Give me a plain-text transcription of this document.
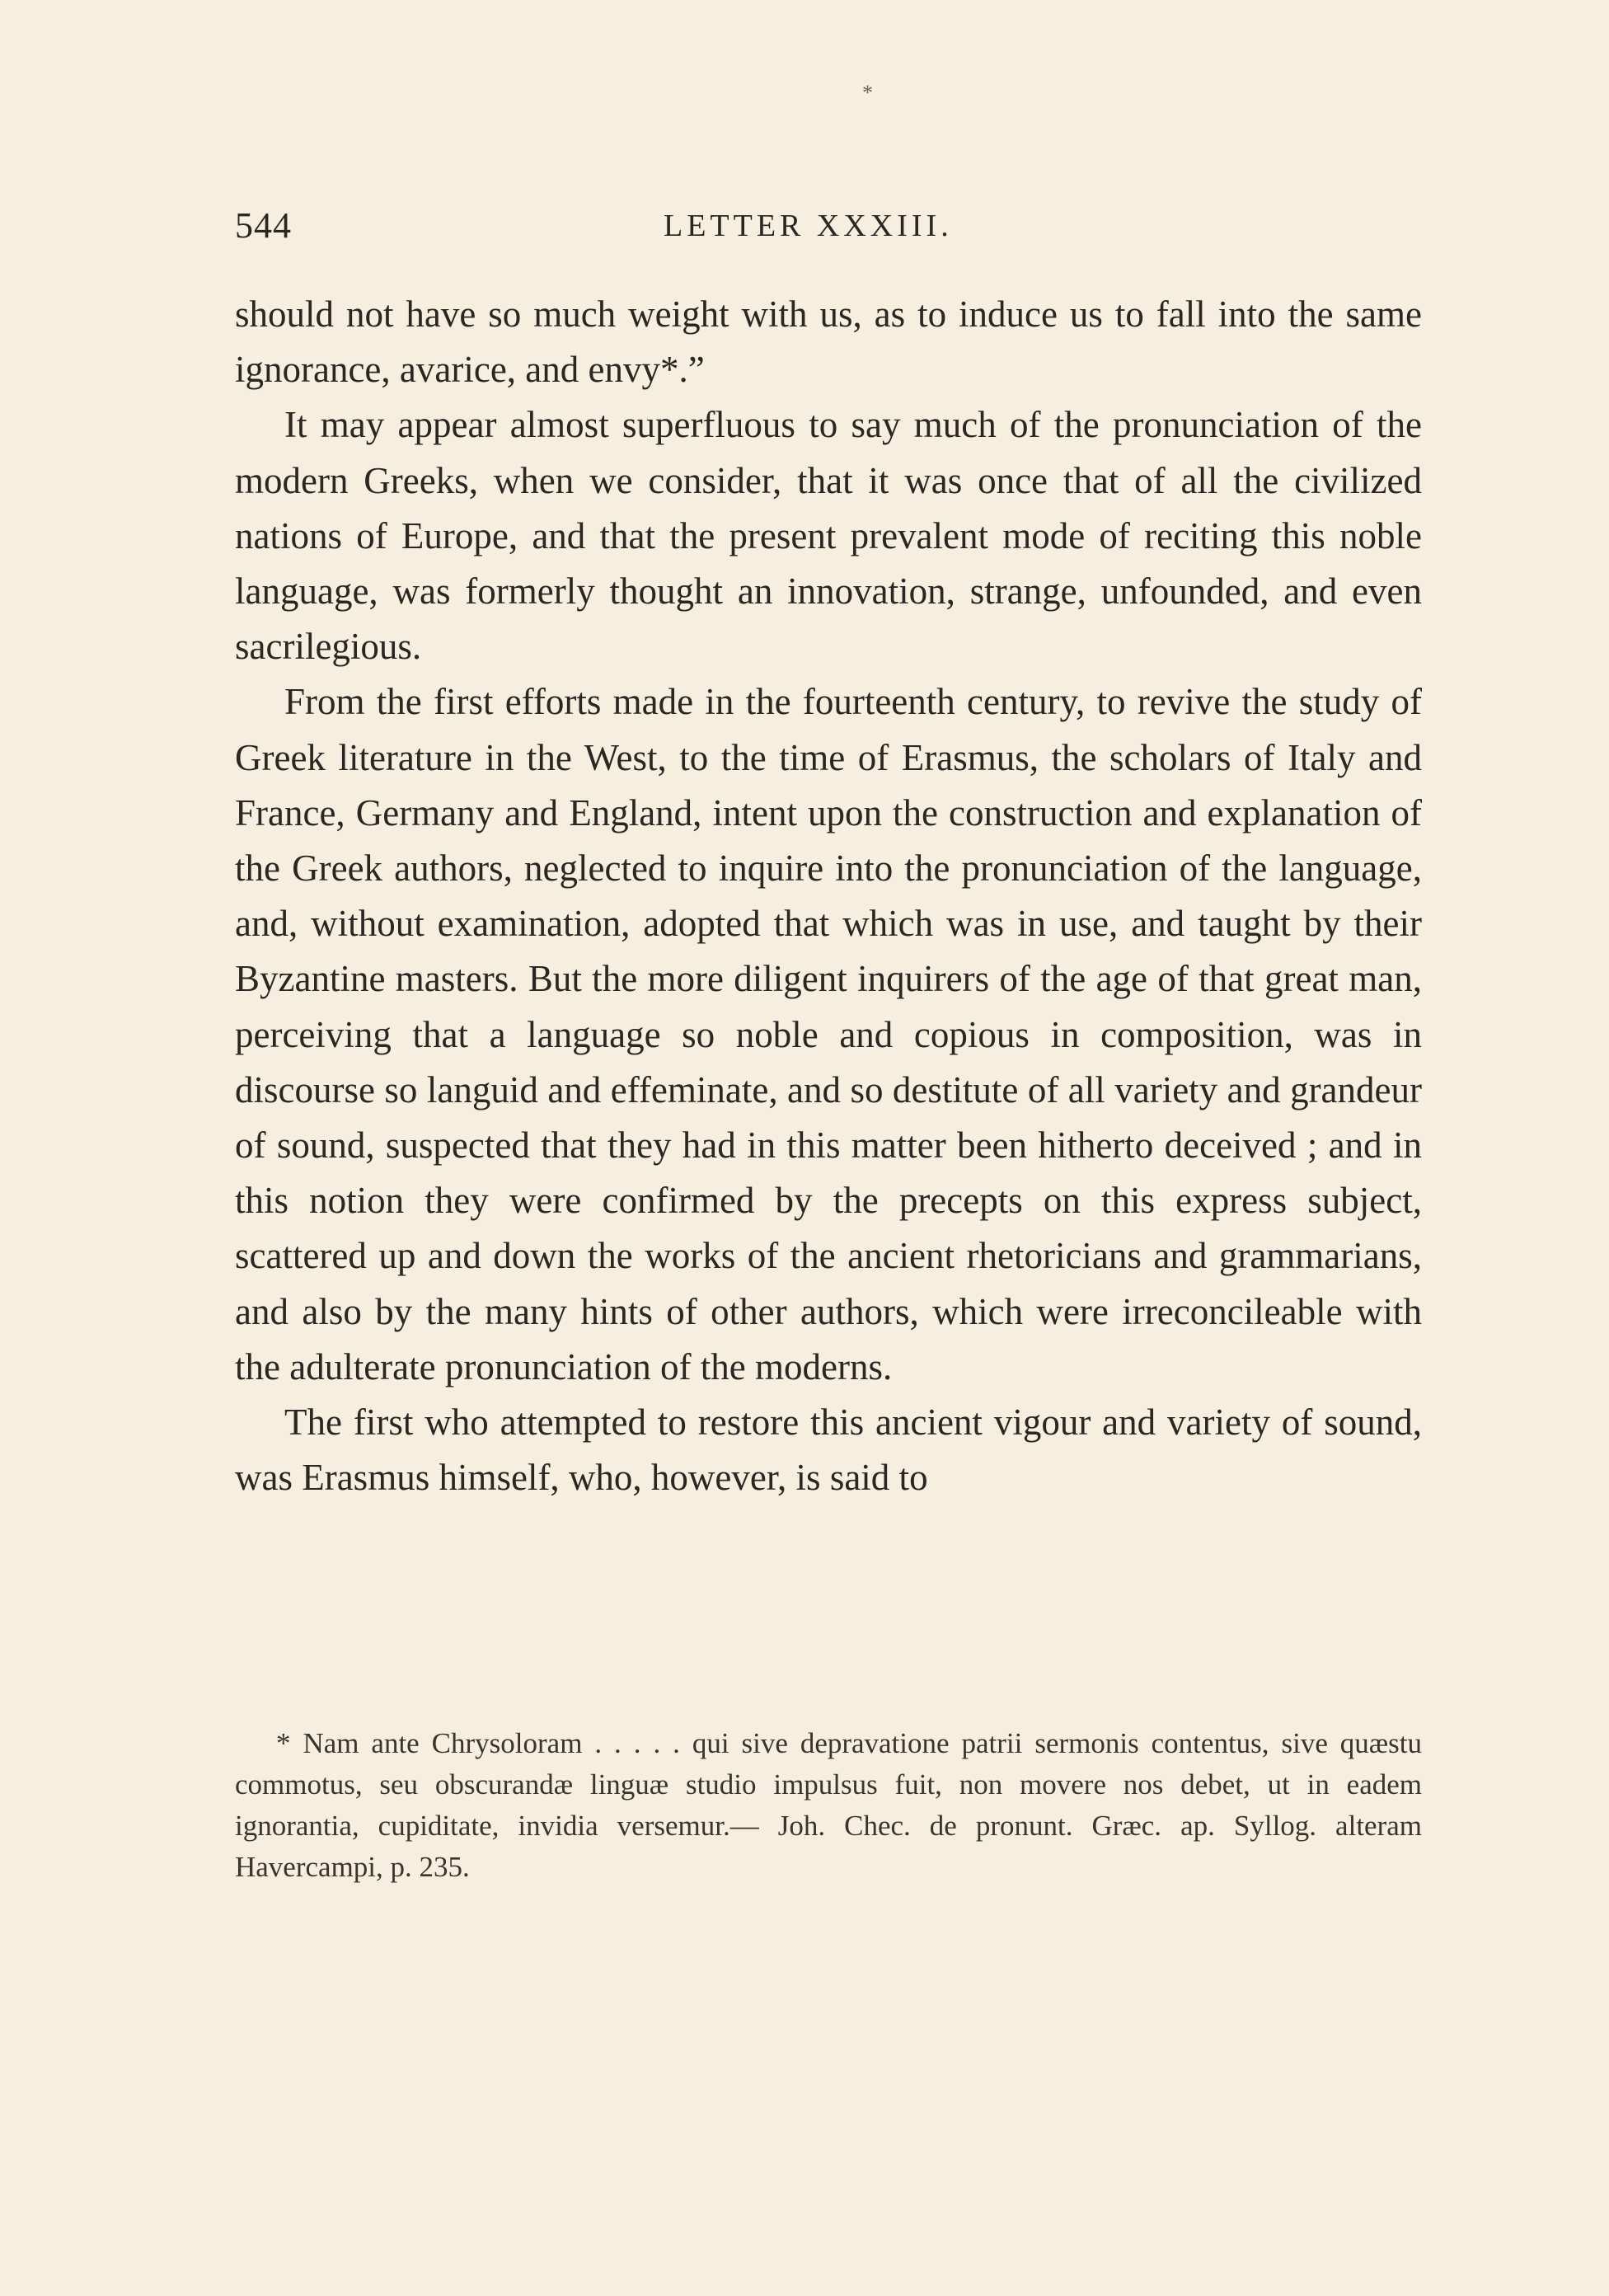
*
544	LETTER XXXIII.

should not have so much weight with us, as to induce us to fall into the same ignorance, avarice, and envy*.”

It may appear almost superfluous to say much of the pronunciation of the modern Greeks, when we consider, that it was once that of all the civilized nations of Europe, and that the present prevalent mode of reciting this noble language, was formerly thought an innovation, strange, unfounded, and even sacrilegious.

From the first efforts made in the fourteenth century, to revive the study of Greek literature in the West, to the time of Erasmus, the scholars of Italy and France, Germany and England, intent upon the construction and explanation of the Greek authors, neglected to inquire into the pronunciation of the language, and, without examination, adopted that which was in use, and taught by their Byzantine masters. But the more diligent inquirers of the age of that great man, perceiving that a language so noble and copious in composition, was in discourse so languid and effeminate, and so destitute of all variety and grandeur of sound, suspected that they had in this matter been hitherto deceived ; and in this notion they were confirmed by the precepts on this express subject, scattered up and down the works of the ancient rhetoricians and grammarians, and also by the many hints of other authors, which were irreconcileable with the adulterate pronunciation of the moderns.

The first who attempted to restore this ancient vigour and variety of sound, was Erasmus himself, who, however, is said to

* Nam ante Chrysoloram . . . . . qui sive depravatione patrii sermonis contentus, sive quæstu commotus, seu obscurandæ linguæ studio impulsus fuit, non movere nos debet, ut in eadem ignorantia, cupiditate, invidia versemur.— Joh. Chec. de pronunt. Græc. ap. Syllog. alteram Havercampi, p. 235.
